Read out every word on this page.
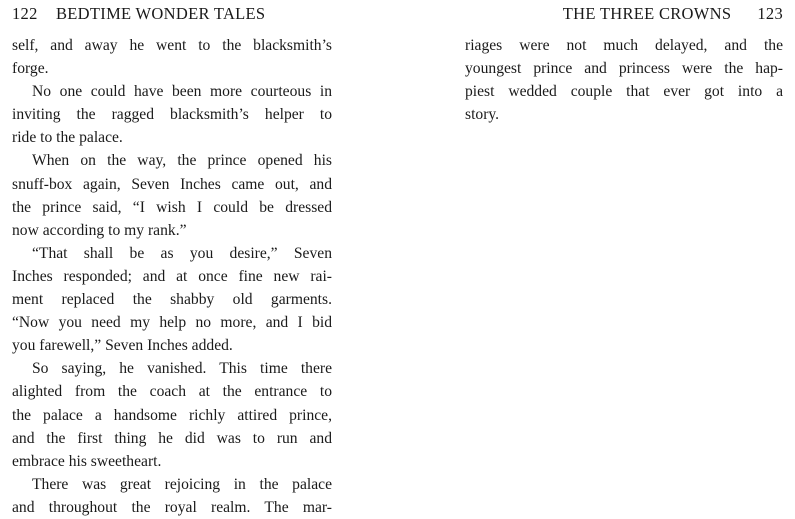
122 BEDTIME WONDER TALES
self, and away he went to the blacksmith’s
forge.
No one could have been more courteous in
inviting the ragged blacksmith’s helper to
ride to the palace.
When on the way, the prince opened his
snuff-box again, Seven Inches came out, and
the prince said, “I wish I could be dressed
now according to my rank.”
“That shall be as you desire,” Seven
Inches responded; and at once fine new rai-
ment replaced the shabby old garments.
“Now you need my help no more, and I bid
you farewell,” Seven Inches added.
So saying, he vanished. This time there
alighted from the coach at the entrance to
the palace a handsome richly attired prince,
and the first thing he did was to run and
embrace his sweetheart.
There was great rejoicing in the palace
and throughout the royal realm. The mar-
THE THREE CROWNS 123
riages were not much delayed, and the
youngest prince and princess were the hap-
piest wedded couple that ever got into a
story.
